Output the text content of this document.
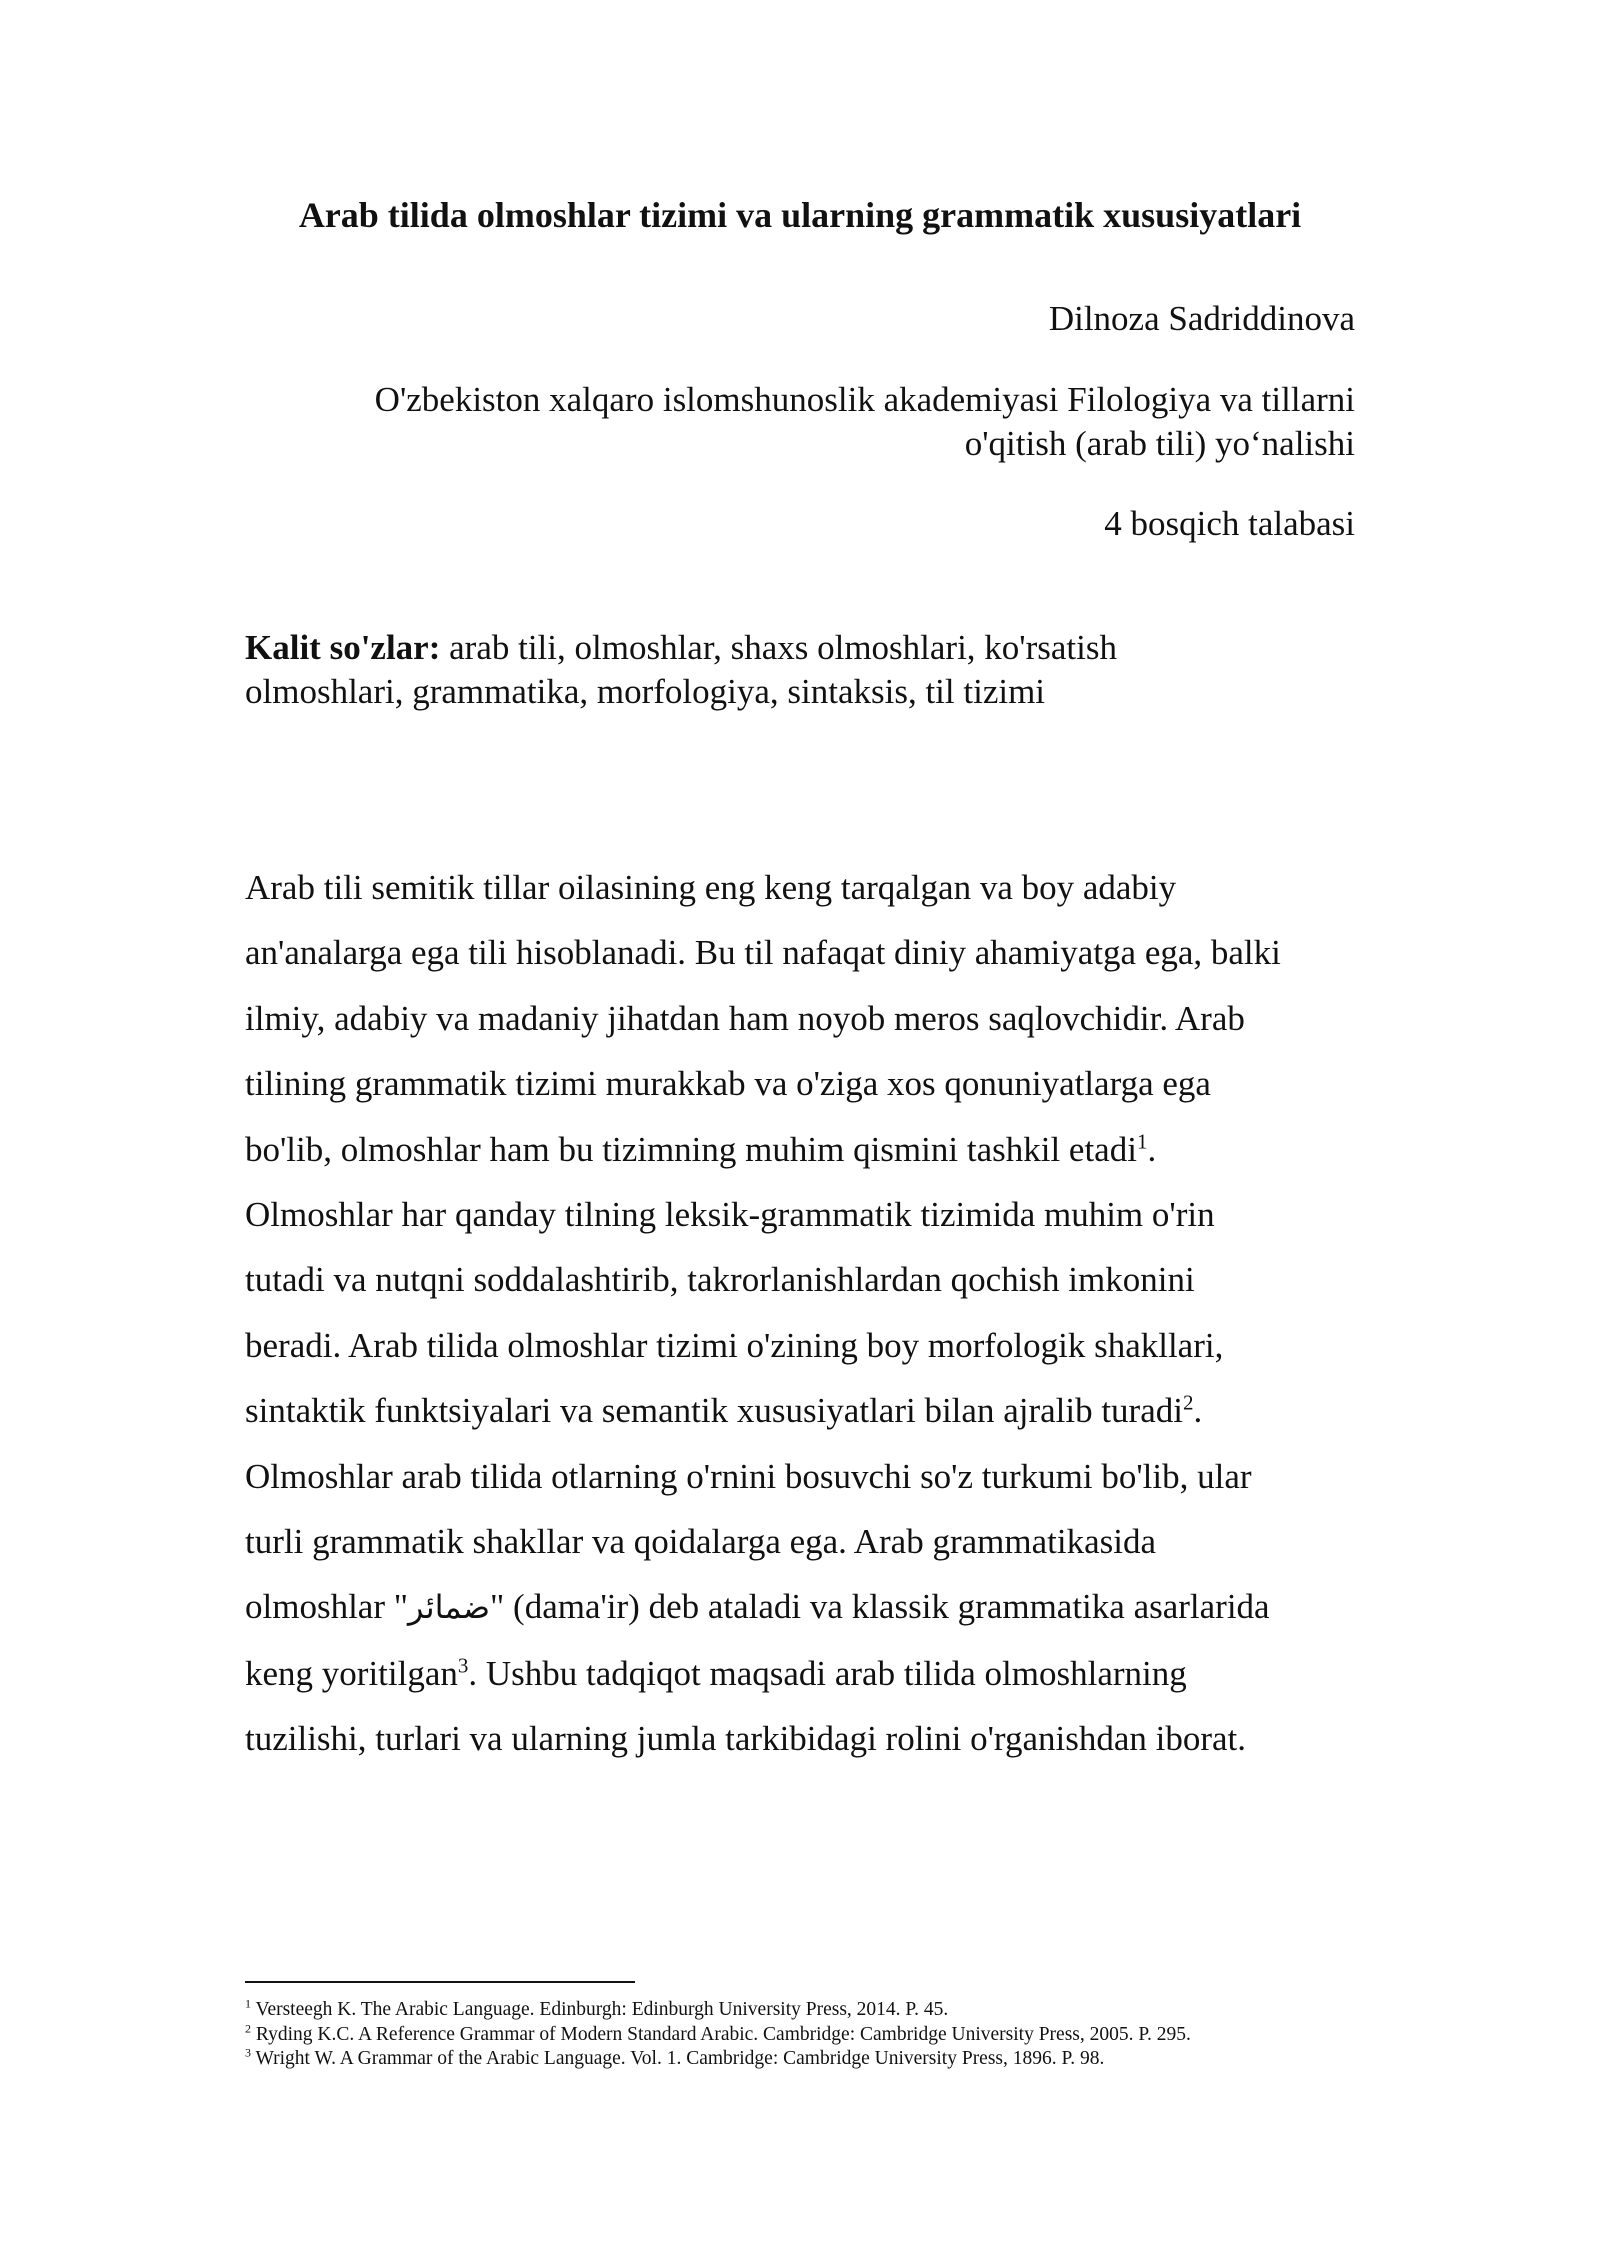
Arab tilida olmoshlar tizimi va ularning grammatik xususiyatlari

Dilnoza Sadriddinova

O'zbekiston xalqaro islomshunoslik akademiyasi Filologiya va tillarni
o'qitish (arab tili) yo‘nalishi

4 bosqich talabasi

Kalit so'zlar: arab tili, olmoshlar, shaxs olmoshlari, ko'rsatish
olmoshlari, grammatika, morfologiya, sintaksis, til tizimi

Arab tili semitik tillar oilasining eng keng tarqalgan va boy adabiy
an'analarga ega tili hisoblanadi. Bu til nafaqat diniy ahamiyatga ega, balki
ilmiy, adabiy va madaniy jihatdan ham noyob meros saqlovchidir. Arab
tilining grammatik tizimi murakkab va o'ziga xos qonuniyatlarga ega
bo'lib, olmoshlar ham bu tizimning muhim qismini tashkil etadi$^1$.
Olmoshlar har qanday tilning leksik-grammatik tizimida muhim o'rin
tutadi va nutqni soddalashtirib, takrorlanishlardan qochish imkonini
beradi. Arab tilida olmoshlar tizimi o'zining boy morfologik shakllari,
sintaktik funktsiyalari va semantik xususiyatlari bilan ajralib turadi$^2$.
Olmoshlar arab tilida otlarning o'rnini bosuvchi so'z turkumi bo'lib, ular
turli grammatik shakllar va qoidalarga ega. Arab grammatikasida
olmoshlar "ضمائر" (dama'ir) deb ataladi va klassik grammatika asarlarida
keng yoritilgan$^3$. Ushbu tadqiqot maqsadi arab tilida olmoshlarning
tuzilishi, turlari va ularning jumla tarkibidagi rolini o'rganishdan iborat.
$^1$ Versteegh K. The Arabic Language. Edinburgh: Edinburgh University Press, 2014. P. 45.
$^2$ Ryding K.C. A Reference Grammar of Modern Standard Arabic. Cambridge: Cambridge University Press, 2005. P. 295.
$^3$ Wright W. A Grammar of the Arabic Language. Vol. 1. Cambridge: Cambridge University Press, 1896. P. 98.
